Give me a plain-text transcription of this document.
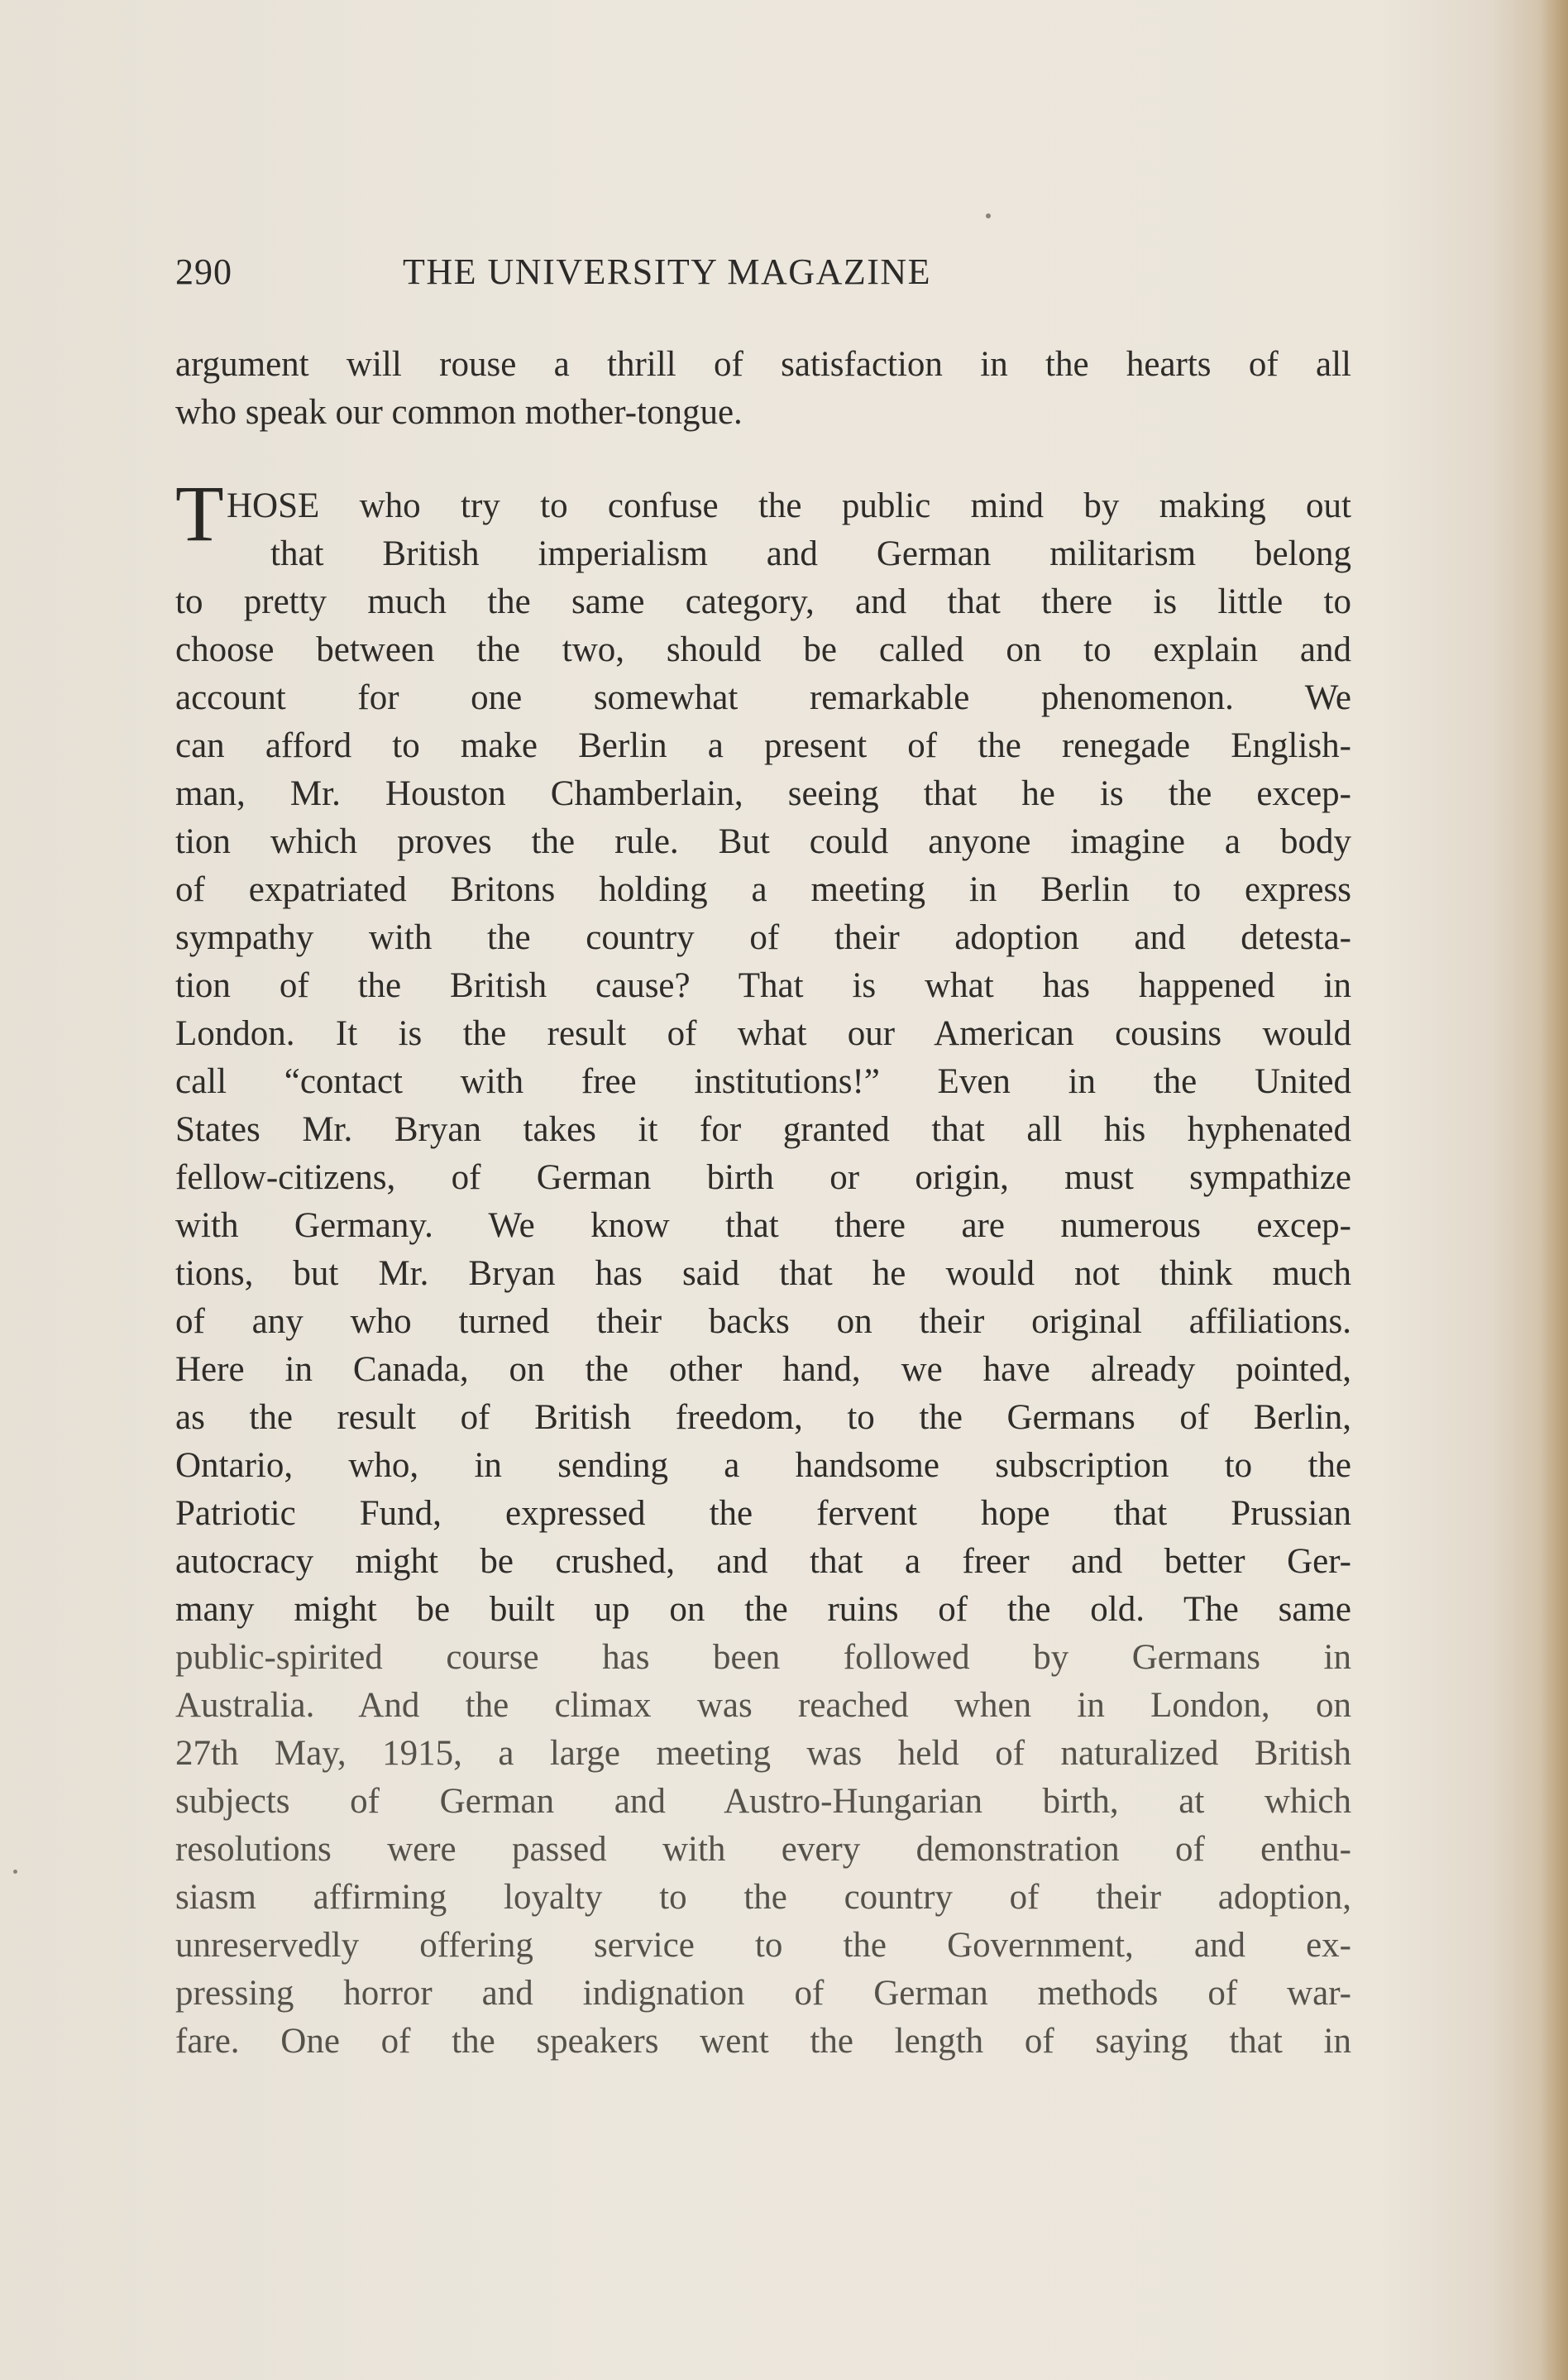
290	THE UNIVERSITY MAGAZINE
argument will rouse a thrill of satisfaction in the hearts of all
who speak our common mother-tongue.
T HOSE who try to confuse the public mind by making out
that British imperialism and German militarism belong
to pretty much the same category, and that there is little to
choose between the two, should be called on to explain and
account for one somewhat remarkable phenomenon. We
can afford to make Berlin a present of the renegade English-
man, Mr. Houston Chamberlain, seeing that he is the excep-
tion which proves the rule. But could anyone imagine a body
of expatriated Britons holding a meeting in Berlin to express
sympathy with the country of their adoption and detesta-
tion of the British cause? That is what has happened in
London. It is the result of what our American cousins would
call “contact with free institutions!” Even in the United
States Mr. Bryan takes it for granted that all his hyphenated
fellow-citizens, of German birth or origin, must sympathize
with Germany. We know that there are numerous excep-
tions, but Mr. Bryan has said that he would not think much
of any who turned their backs on their original affiliations.
Here in Canada, on the other hand, we have already pointed,
as the result of British freedom, to the Germans of Berlin,
Ontario, who, in sending a handsome subscription to the
Patriotic Fund, expressed the fervent hope that Prussian
autocracy might be crushed, and that a freer and better Ger-
many might be built up on the ruins of the old. The same
public-spirited course has been followed by Germans in
Australia. And the climax was reached when in London, on
27th May, 1915, a large meeting was held of naturalized British
subjects of German and Austro-Hungarian birth, at which
resolutions were passed with every demonstration of enthu-
siasm affirming loyalty to the country of their adoption,
unreservedly offering service to the Government, and ex-
pressing horror and indignation of German methods of war-
fare. One of the speakers went the length of saying that in
